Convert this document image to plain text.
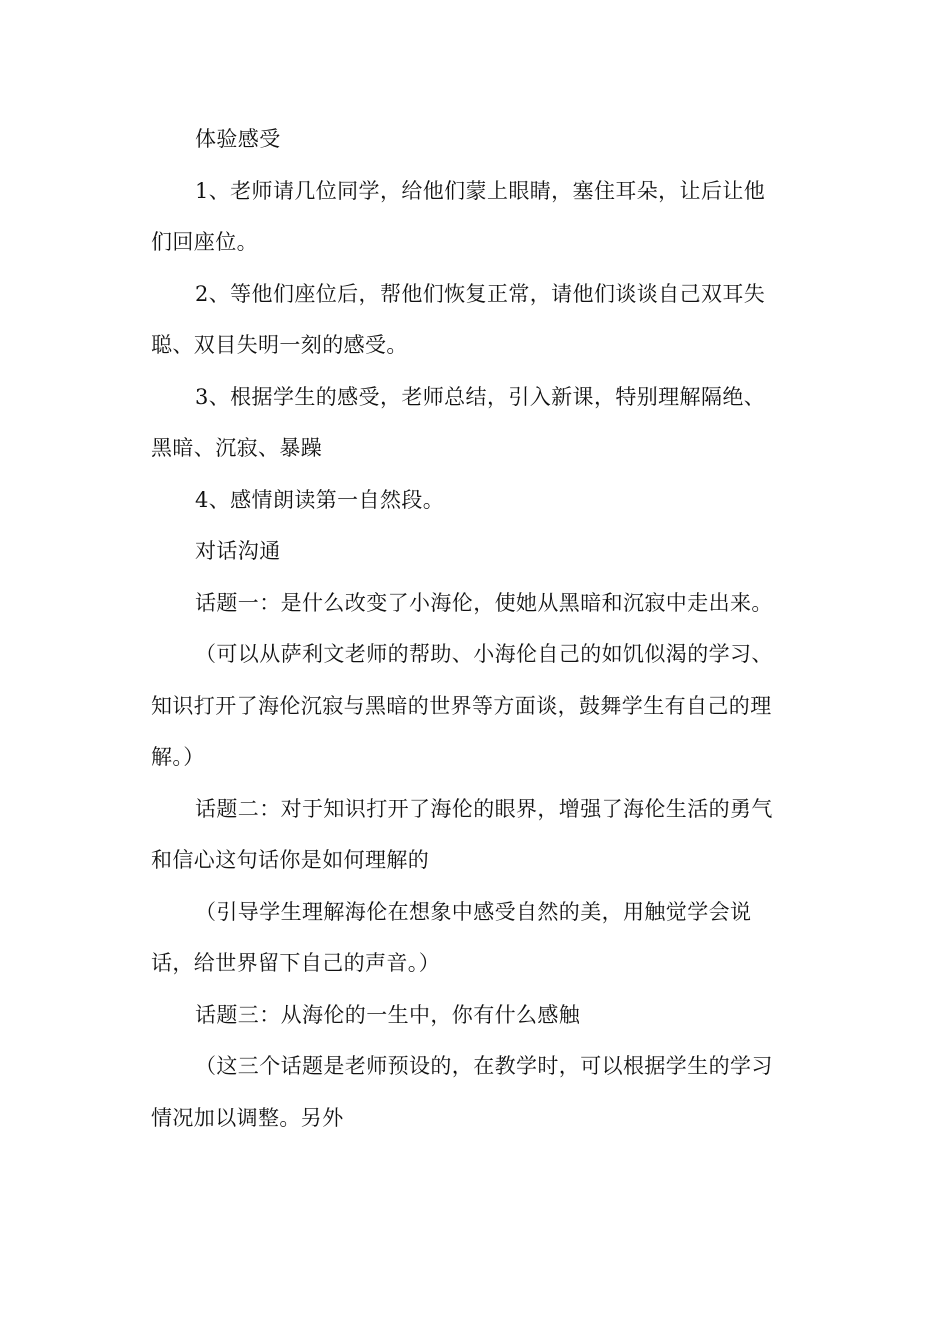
体验感受
1、老师请几位同学，给他们蒙上眼睛，塞住耳朵，让后让他
们回座位。
2、等他们座位后，帮他们恢复正常，请他们谈谈自己双耳失
聪、双目失明一刻的感受。
3、根据学生的感受，老师总结，引入新课，特别理解隔绝、
黑暗、沉寂、暴躁
4、感情朗读第一自然段。
对话沟通
话题一：是什么改变了小海伦，使她从黑暗和沉寂中走出来。
（可以从萨利文老师的帮助、小海伦自己的如饥似渴的学习、
知识打开了海伦沉寂与黑暗的世界等方面谈，鼓舞学生有自己的理
解。）
话题二：对于知识打开了海伦的眼界，增强了海伦生活的勇气
和信心这句话你是如何理解的
（引导学生理解海伦在想象中感受自然的美，用触觉学会说
话，给世界留下自己的声音。）
话题三：从海伦的一生中，你有什么感触
（这三个话题是老师预设的，在教学时，可以根据学生的学习
情况加以调整。另外
